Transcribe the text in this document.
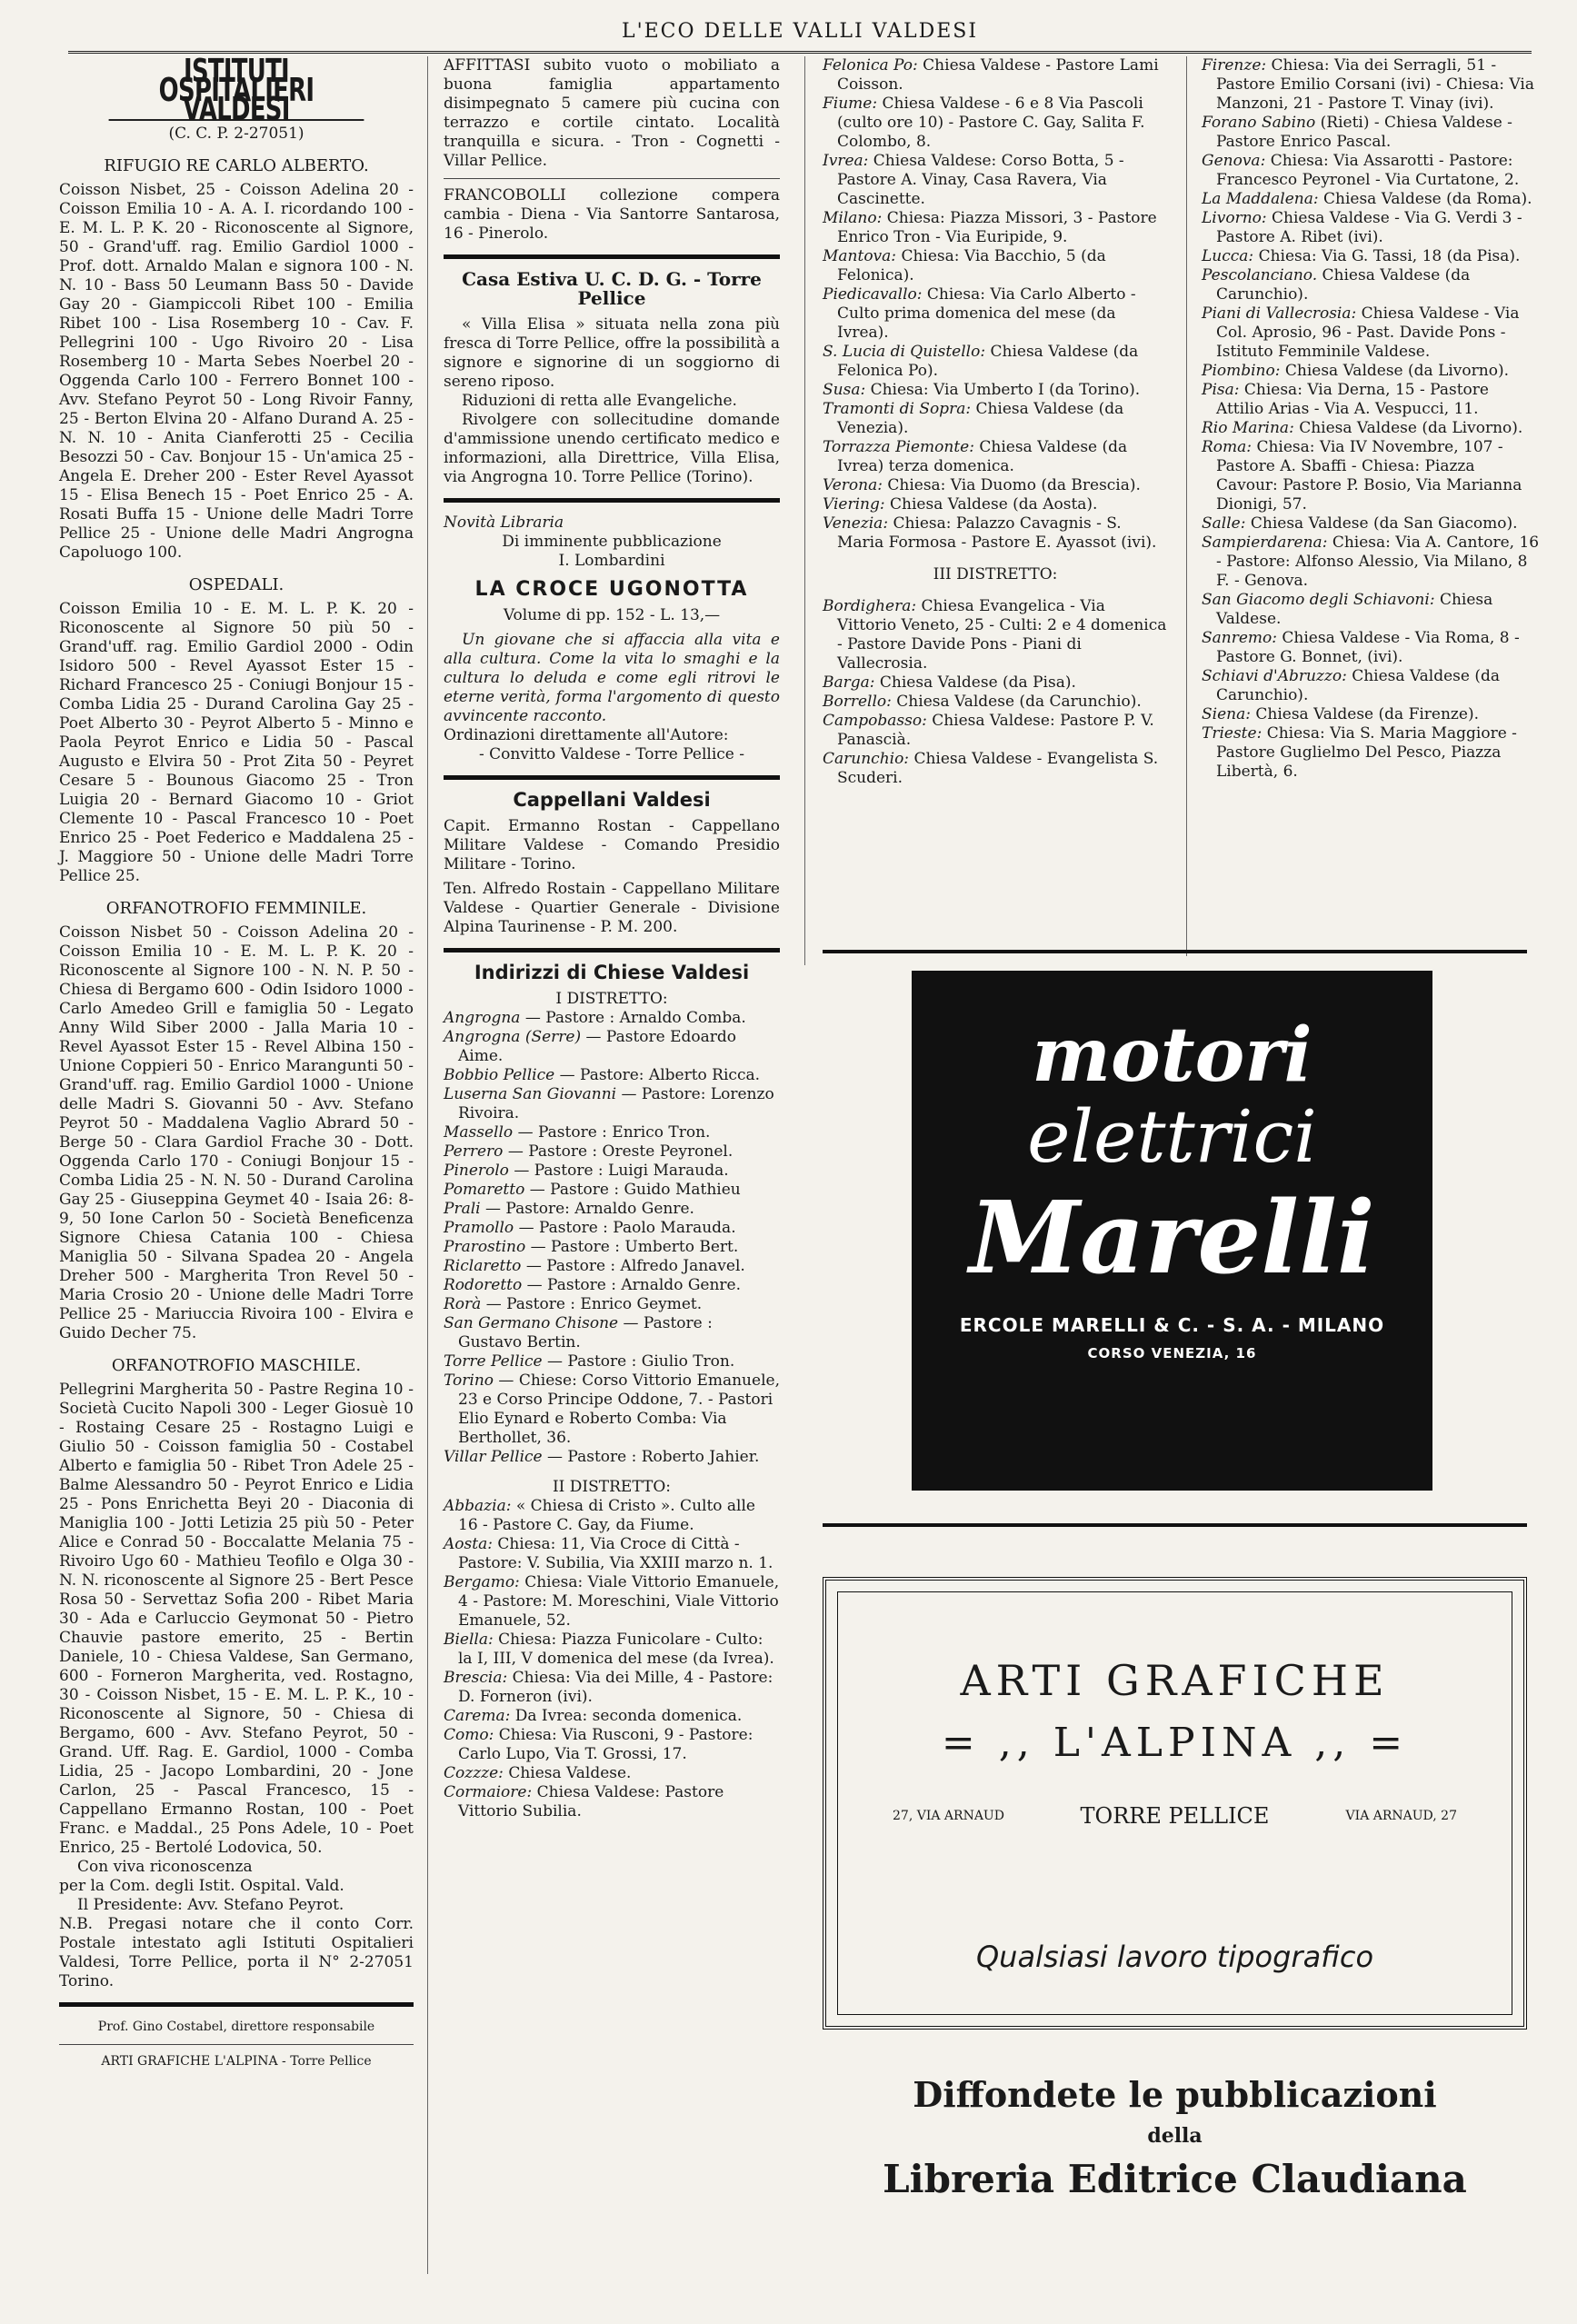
L'ECO DELLE VALLI VALDESI
ISTITUTI OSPITALIERI VALDESI
(C. C. P. 2-27051)
RIFUGIO RE CARLO ALBERTO.

Coisson Nisbet, 25 - Coisson Adelina 20 - Coisson Emilia 10 - A. A. I. ricordando 100 - E. M. L. P. K. 20 - Riconoscente al Signore, 50 - Grand'uff. rag. Emilio Gardiol 1000 - Prof. dott. Arnaldo Malan e signora 100 - N. N. 10 - Bass 50 Leumann Bass 50 - Davide Gay 20 - Giampiccoli Ribet 100 - Emilia Ribet 100 - Lisa Rosemberg 10 - Cav. F. Pellegrini 100 - Ugo Rivoiro 20 - Lisa Rosemberg 10 - Marta Sebes Noerbel 20 - Oggenda Carlo 100 - Ferrero Bonnet 100 - Avv. Stefano Peyrot 50 - Long Rivoir Fanny, 25 - Berton Elvina 20 - Alfano Durand A. 25 - N. N. 10 - Anita Cianferotti 25 - Cecilia Besozzi 50 - Cav. Bonjour 15 - Un'amica 25 - Angela E. Dreher 200 - Ester Revel Ayassot 15 - Elisa Benech 15 - Poet Enrico 25 - A. Rosati Buffa 15 - Unione delle Madri Torre Pellice 25 - Unione delle Madri Angrogna Capoluogo 100.

OSPEDALI.

Coisson Emilia 10 - E. M. L. P. K. 20 - Riconoscente al Signore 50 più 50 - Grand'uff. rag. Emilio Gardiol 2000 - Odin Isidoro 500 - Revel Ayassot Ester 15 - Richard Francesco 25 - Coniugi Bonjour 15 - Comba Lidia 25 - Durand Carolina Gay 25 - Poet Alberto 30 - Peyrot Alberto 5 - Minno e Paola Peyrot Enrico e Lidia 50 - Pascal Augusto e Elvira 50 - Prot Zita 50 - Peyret Cesare 5 - Bounous Giacomo 25 - Tron Luigia 20 - Bernard Giacomo 10 - Griot Clemente 10 - Pascal Francesco 10 - Poet Enrico 25 - Poet Federico e Maddalena 25 - J. Maggiore 50 - Unione delle Madri Torre Pellice 25.

ORFANOTROFIO FEMMINILE.

Coisson Nisbet 50 - Coisson Adelina 20 - Coisson Emilia 10 - E. M. L. P. K. 20 - Riconoscente al Signore 100 - N. N. P. 50 - Chiesa di Bergamo 600 - Odin Isidoro 1000 - Carlo Amedeo Grill e famiglia 50 - Legato Anny Wild Siber 2000 - Jalla Maria 10 - Revel Ayassot Ester 15 - Revel Albina 150 - Unione Coppieri 50 - Enrico Marangunti 50 - Grand'uff. rag. Emilio Gardiol 1000 - Unione delle Madri S. Giovanni 50 - Avv. Stefano Peyrot 50 - Maddalena Vaglio Abrard 50 - Berge 50 - Clara Gardiol Frache 30 - Dott. Oggenda Carlo 170 - Coniugi Bonjour 15 - Comba Lidia 25 - N. N. 50 - Durand Carolina Gay 25 - Giuseppina Geymet 40 - Isaia 26: 8-9, 50 Ione Carlon 50 - Società Beneficenza Signore Chiesa Catania 100 - Chiesa Maniglia 50 - Silvana Spadea 20 - Angela Dreher 500 - Margherita Tron Revel 50 - Maria Crosio 20 - Unione delle Madri Torre Pellice 25 - Mariuccia Rivoira 100 - Elvira e Guido Decher 75.

ORFANOTROFIO MASCHILE.

Pellegrini Margherita 50 - Pastre Regina 10 - Società Cucito Napoli 300 - Leger Giosuè 10 - Rostaing Cesare 25 - Rostagno Luigi e Giulio 50 - Coisson famiglia 50 - Costabel Alberto e famiglia 50 - Ribet Tron Adele 25 - Balme Alessandro 50 - Peyrot Enrico e Lidia 25 - Pons Enrichetta Beyi 20 - Diaconia di Maniglia 100 - Jotti Letizia 25 più 50 - Peter Alice e Conrad 50 - Boccalatte Melania 75 - Rivoiro Ugo 60 - Mathieu Teofilo e Olga 30 - N. N. riconoscente al Signore 25 - Bert Pesce Rosa 50 - Servettaz Sofia 200 - Ribet Maria 30 - Ada e Carluccio Geymonat 50 - Pietro Chauvie pastore emerito, 25 - Bertin Daniele, 10 - Chiesa Valdese, San Germano, 600 - Forneron Margherita, ved. Rostagno, 30 - Coisson Nisbet, 15 - E. M. L. P. K., 10 - Riconoscente al Signore, 50 - Chiesa di Bergamo, 600 - Avv. Stefano Peyrot, 50 - Grand. Uff. Rag. E. Gardiol, 1000 - Comba Lidia, 25 - Jacopo Lombardini, 20 - Jone Carlon, 25 - Pascal Francesco, 15 - Cappellano Ermanno Rostan, 100 - Poet Franc. e Maddal., 25 Pons Adele, 10 - Poet Enrico, 25 - Bertolé Lodovica, 50.

Con viva riconoscenza

per la Com. degli Istit. Ospital. Vald.

Il Presidente: Avv. Stefano Peyrot.

N.B. Pregasi notare che il conto Corr. Postale intestato agli Istituti Ospitalieri Valdesi, Torre Pellice, porta il N° 2-27051 Torino.

Prof. Gino Costabel, direttore responsabile
ARTI GRAFICHE L'ALPINA - Torre Pellice

AFFITTASI subito vuoto o mobiliato a buona famiglia appartamento disimpegnato 5 camere più cucina con terrazzo e cortile cintato. Località tranquilla e sicura. - Tron - Cognetti - Villar Pellice.

FRANCOBOLLI collezione compera cambia - Diena - Via Santorre Santarosa, 16 - Pinerolo.

Casa Estiva U. C. D. G. - Torre Pellice

« Villa Elisa » situata nella zona più fresca di Torre Pellice, offre la possibilità a signore e signorine di un soggiorno di sereno riposo.

Riduzioni di retta alle Evangeliche.

Rivolgere con sollecitudine domande d'ammissione unendo certificato medico e informazioni, alla Direttrice, Villa Elisa, via Angrogna 10. Torre Pellice (Torino).

Novità Libraria
Di imminente pubblicazione
I. Lombardini
LA CROCE UGONOTTA
Volume di pp. 152 - L. 13,—

Un giovane che si affaccia alla vita e alla cultura. Come la vita lo smaghi e la cultura lo deluda e come egli ritrovi le eterne verità, forma l'argomento di questo avvincente racconto.

Ordinazioni direttamente all'Autore:
- Convitto Valdese - Torre Pellice -
Cappellani Valdesi

Capit. Ermanno Rostan - Cappellano Militare Valdese - Comando Presidio Militare - Torino.

Ten. Alfredo Rostain - Cappellano Militare Valdese - Quartier Generale - Divisione Alpina Taurinense - P. M. 200.

Indirizzi di Chiese Valdesi
I DISTRETTO:

Angrogna — Pastore : Arnaldo Comba.

Angrogna (Serre) — Pastore Edoardo Aime.

Bobbio Pellice — Pastore: Alberto Ricca.

Luserna San Giovanni — Pastore: Lorenzo Rivoira.

Massello — Pastore : Enrico Tron.

Perrero — Pastore : Oreste Peyronel.

Pinerolo — Pastore : Luigi Marauda.

Pomaretto — Pastore : Guido Mathieu

Prali — Pastore: Arnaldo Genre.

Pramollo — Pastore : Paolo Marauda.

Prarostino — Pastore : Umberto Bert.

Riclaretto — Pastore : Alfredo Janavel.

Rodoretto — Pastore : Arnaldo Genre.

Rorà — Pastore : Enrico Geymet.

San Germano Chisone — Pastore : Gustavo Bertin.

Torre Pellice — Pastore : Giulio Tron.

Torino — Chiese: Corso Vittorio Emanuele, 23 e Corso Principe Oddone, 7. - Pastori Elio Eynard e Roberto Comba: Via Berthollet, 36.

Villar Pellice — Pastore : Roberto Jahier.

II DISTRETTO:

Abbazia: « Chiesa di Cristo ». Culto alle 16 - Pastore C. Gay, da Fiume.

Aosta: Chiesa: 11, Via Croce di Città - Pastore: V. Subilia, Via XXIII marzo n. 1.

Bergamo: Chiesa: Viale Vittorio Emanuele, 4 - Pastore: M. Moreschini, Viale Vittorio Emanuele, 52.

Biella: Chiesa: Piazza Funicolare - Culto: la I, III, V domenica del mese (da Ivrea).

Brescia: Chiesa: Via dei Mille, 4 - Pastore: D. Forneron (ivi).

Carema: Da Ivrea: seconda domenica.

Como: Chiesa: Via Rusconi, 9 - Pastore: Carlo Lupo, Via T. Grossi, 17.

Cozzze: Chiesa Valdese.

Cormaiore: Chiesa Valdese: Pastore Vittorio Subilia.

Felonica Po: Chiesa Valdese - Pastore Lami Coisson.

Fiume: Chiesa Valdese - 6 e 8 Via Pascoli (culto ore 10) - Pastore C. Gay, Salita F. Colombo, 8.

Ivrea: Chiesa Valdese: Corso Botta, 5 - Pastore A. Vinay, Casa Ravera, Via Cascinette.

Milano: Chiesa: Piazza Missori, 3 - Pastore Enrico Tron - Via Euripide, 9.

Mantova: Chiesa: Via Bacchio, 5 (da Felonica).

Piedicavallo: Chiesa: Via Carlo Alberto - Culto prima domenica del mese (da Ivrea).

S. Lucia di Quistello: Chiesa Valdese (da Felonica Po).

Susa: Chiesa: Via Umberto I (da Torino).

Tramonti di Sopra: Chiesa Valdese (da Venezia).

Torrazza Piemonte: Chiesa Valdese (da Ivrea) terza domenica.

Verona: Chiesa: Via Duomo (da Brescia).

Viering: Chiesa Valdese (da Aosta).

Venezia: Chiesa: Palazzo Cavagnis - S. Maria Formosa - Pastore E. Ayassot (ivi).

III DISTRETTO:

Bordighera: Chiesa Evangelica - Via Vittorio Veneto, 25 - Culti: 2 e 4 domenica - Pastore Davide Pons - Piani di Vallecrosia.

Barga: Chiesa Valdese (da Pisa).

Borrello: Chiesa Valdese (da Carunchio).

Campobasso: Chiesa Valdese: Pastore P. V. Panascià.

Carunchio: Chiesa Valdese - Evangelista S. Scuderi.

Firenze: Chiesa: Via dei Serragli, 51 - Pastore Emilio Corsani (ivi) - Chiesa: Via Manzoni, 21 - Pastore T. Vinay (ivi).

Forano Sabino (Rieti) - Chiesa Valdese - Pastore Enrico Pascal.

Genova: Chiesa: Via Assarotti - Pastore: Francesco Peyronel - Via Curtatone, 2.

La Maddalena: Chiesa Valdese (da Roma).

Livorno: Chiesa Valdese - Via G. Verdi 3 - Pastore A. Ribet (ivi).

Lucca: Chiesa: Via G. Tassi, 18 (da Pisa).

Pescolanciano. Chiesa Valdese (da Carunchio).

Piani di Vallecrosia: Chiesa Valdese - Via Col. Aprosio, 96 - Past. Davide Pons - Istituto Femminile Valdese.

Piombino: Chiesa Valdese (da Livorno).

Pisa: Chiesa: Via Derna, 15 - Pastore Attilio Arias - Via A. Vespucci, 11.

Rio Marina: Chiesa Valdese (da Livorno).

Roma: Chiesa: Via IV Novembre, 107 - Pastore A. Sbaffi - Chiesa: Piazza Cavour: Pastore P. Bosio, Via Marianna Dionigi, 57.

Salle: Chiesa Valdese (da San Giacomo).

Sampierdarena: Chiesa: Via A. Cantore, 16 - Pastore: Alfonso Alessio, Via Milano, 8 F. - Genova.

San Giacomo degli Schiavoni: Chiesa Valdese.

Sanremo: Chiesa Valdese - Via Roma, 8 - Pastore G. Bonnet, (ivi).

Schiavi d'Abruzzo: Chiesa Valdese (da Carunchio).

Siena: Chiesa Valdese (da Firenze).

Trieste: Chiesa: Via S. Maria Maggiore - Pastore Guglielmo Del Pesco, Piazza Libertà, 6.

motori
elettrici
Marelli
ERCOLE MARELLI & C. - S. A. - MILANO
CORSO VENEZIA, 16
ARTI GRAFICHE
= ,, L'ALPINA ,, =
27, VIA ARNAUD	TORRE PELLICE	VIA ARNAUD, 27
Qualsiasi lavoro tipografico
Diffondete le pubblicazioni
della
Libreria Editrice Claudiana
